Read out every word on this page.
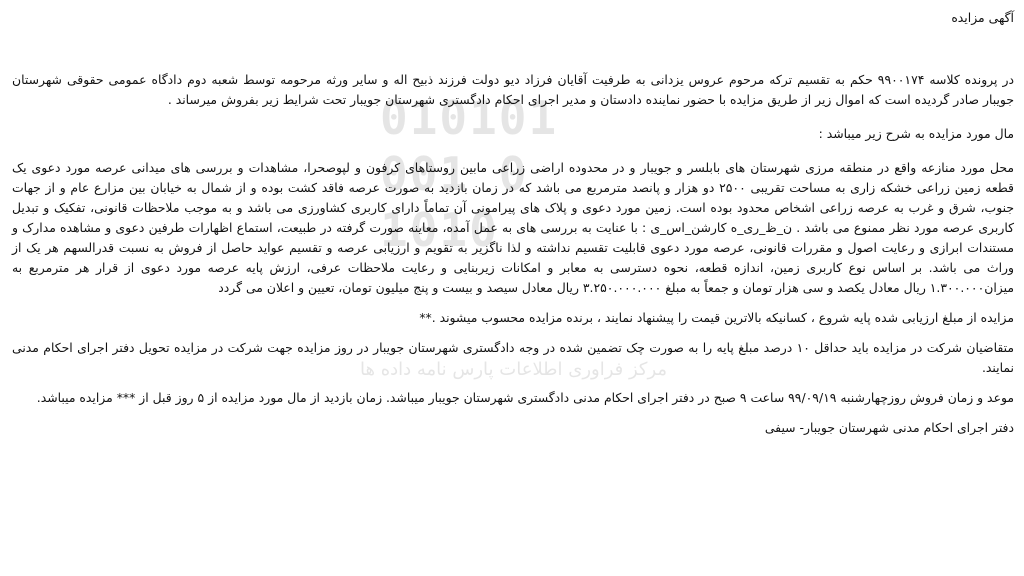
010101
001 0
1010
مرکز فراوری اطلاعات پارس نامه داده ها

آگهی مزایده

در پرونده کلاسه ۹۹۰۰۱۷۴ حکم به تقسیم ترکه مرحوم عروس یزدانی به طرفیت آقایان فرزاد دیو دولت فرزند ذبیح اله و سایر ورثه مرحومه توسط شعبه دوم دادگاه عمومی حقوقی شهرستان جویبار صادر گردیده است که اموال زیر از طریق مزایده با حضور نماینده دادستان و مدیر اجرای احکام دادگستری شهرستان جویبار تحت شرایط زیر بفروش میرساند .

مال مورد مزایده به شرح زیر میباشد :

محل مورد منازعه واقع در منطقه مرزی شهرستان های بابلسر و جویبار و در محدوده اراضی زراعی مابین روستاهای کرفون و لپوصحرا، مشاهدات و بررسی های میدانی عرصه مورد دعوی یک قطعه زمین زراعی خشکه زاری به مساحت تقریبی ۲۵۰۰ دو هزار و پانصد مترمربع می باشد که در زمان بازدید به صورت عرصه فاقد کشت بوده و از شمال به خیابان بین مزارع عام و از جهات جنوب، شرق و غرب به عرصه زراعی اشخاص محدود بوده است. زمین مورد دعوی و پلاک های پیرامونی آن تماماً دارای کاربری کشاورزی می باشد و به موجب ملاحظات قانونی، تفکیک و تبدیل کاربری عرصه مورد نظر ممنوع می باشد . ن_ظ_ری_ه کارشن_اس_ی : با عنایت به بررسی های به عمل آمده، معاینه صورت گرفته در طبیعت، استماع اظهارات طرفین دعوی و مشاهده مدارک و مستندات ابرازی و رعایت اصول و مقررات قانونی، عرصه مورد دعوی قابلیت تقسیم نداشته و لذا ناگزیر به تقویم و ارزیابی عرصه و تقسیم عواید حاصل از فروش به نسبت قدرالسهم هر یک از وراث می باشد. بر اساس نوع کاربری زمین، اندازه قطعه، نحوه دسترسی به معابر و امکانات زیربنایی و رعایت ملاحظات عرفی، ارزش پایه عرصه مورد دعوی از قرار هر مترمربع به میزان۱.۳۰۰.۰۰۰ ریال معادل یکصد و سی هزار تومان و جمعاً به مبلغ ۳.۲۵۰.۰۰۰.۰۰۰ ریال معادل سیصد و بیست و پنج میلیون تومان، تعیین و اعلان می گردد

مزایده از مبلغ ارزیابی شده پایه شروع ، کسانیکه بالاترین قیمت را پیشنهاد نمایند ، برنده مزایده محسوب میشوند .**

متقاضیان شرکت در مزایده باید حداقل ۱۰ درصد مبلغ پایه را به صورت چک تضمین شده در وجه دادگستری شهرستان جویبار در روز مزایده جهت شرکت در مزایده تحویل دفتر اجرای احکام مدنی نمایند.

موعد و زمان فروش روزچهارشنبه ۹۹/۰۹/۱۹ ساعت ۹ صبح در دفتر اجرای احکام مدنی دادگستری شهرستان جویبار میباشد. زمان بازدید از مال مورد مزایده از ۵ روز قبل از *** مزایده میباشد.

دفتر اجرای احکام مدنی شهرستان جویبار- سیفی
